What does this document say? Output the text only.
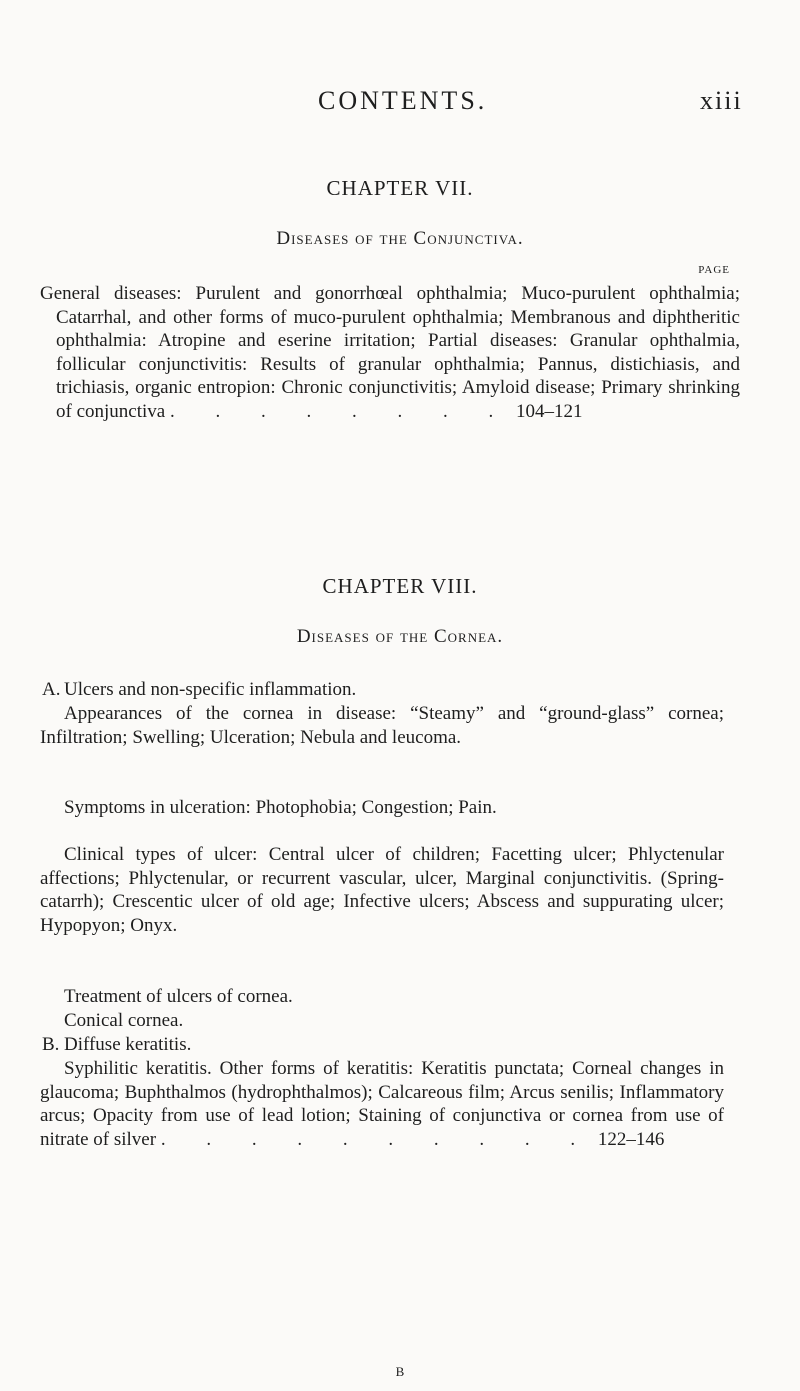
CONTENTS.	xiii
CHAPTER VII.
Diseases of the Conjunctiva.
PAGE
General diseases: Purulent and gonorrhœal ophthalmia; Muco-purulent ophthalmia; Catarrhal, and other forms of muco-purulent ophthalmia; Membranous and diphtheritic ophthalmia: Atropine and eserine irritation; Partial diseases: Granular ophthalmia, follicular conjunctivitis: Results of granular ophthalmia; Pannus, distichiasis, and trichiasis, organic entropion: Chronic conjunctivitis; Amyloid disease; Primary shrinking of conjunctiva . . . . . . . . 104–121
CHAPTER VIII.
Diseases of the Cornea.
A. Ulcers and non-specific inflammation.
Appearances of the cornea in disease: “Steamy” and “ground-glass” cornea; Infiltration; Swelling; Ulceration; Nebula and leucoma.
Symptoms in ulceration: Photophobia; Congestion; Pain.
Clinical types of ulcer: Central ulcer of children; Facetting ulcer; Phlyctenular affections; Phlyctenular, or recurrent vascular, ulcer, Marginal conjunctivitis. (Spring-catarrh); Crescentic ulcer of old age; Infective ulcers; Abscess and suppurating ulcer; Hypopyon; Onyx.
Treatment of ulcers of cornea.
Conical cornea.
B. Diffuse keratitis.
Syphilitic keratitis. Other forms of keratitis: Keratitis punctata; Corneal changes in glaucoma; Buphthalmos (hydrophthalmos); Calcareous film; Arcus senilis; Inflammatory arcus; Opacity from use of lead lotion; Staining of conjunctiva or cornea from use of nitrate of silver . . . . . . . . . . 122–146
B
